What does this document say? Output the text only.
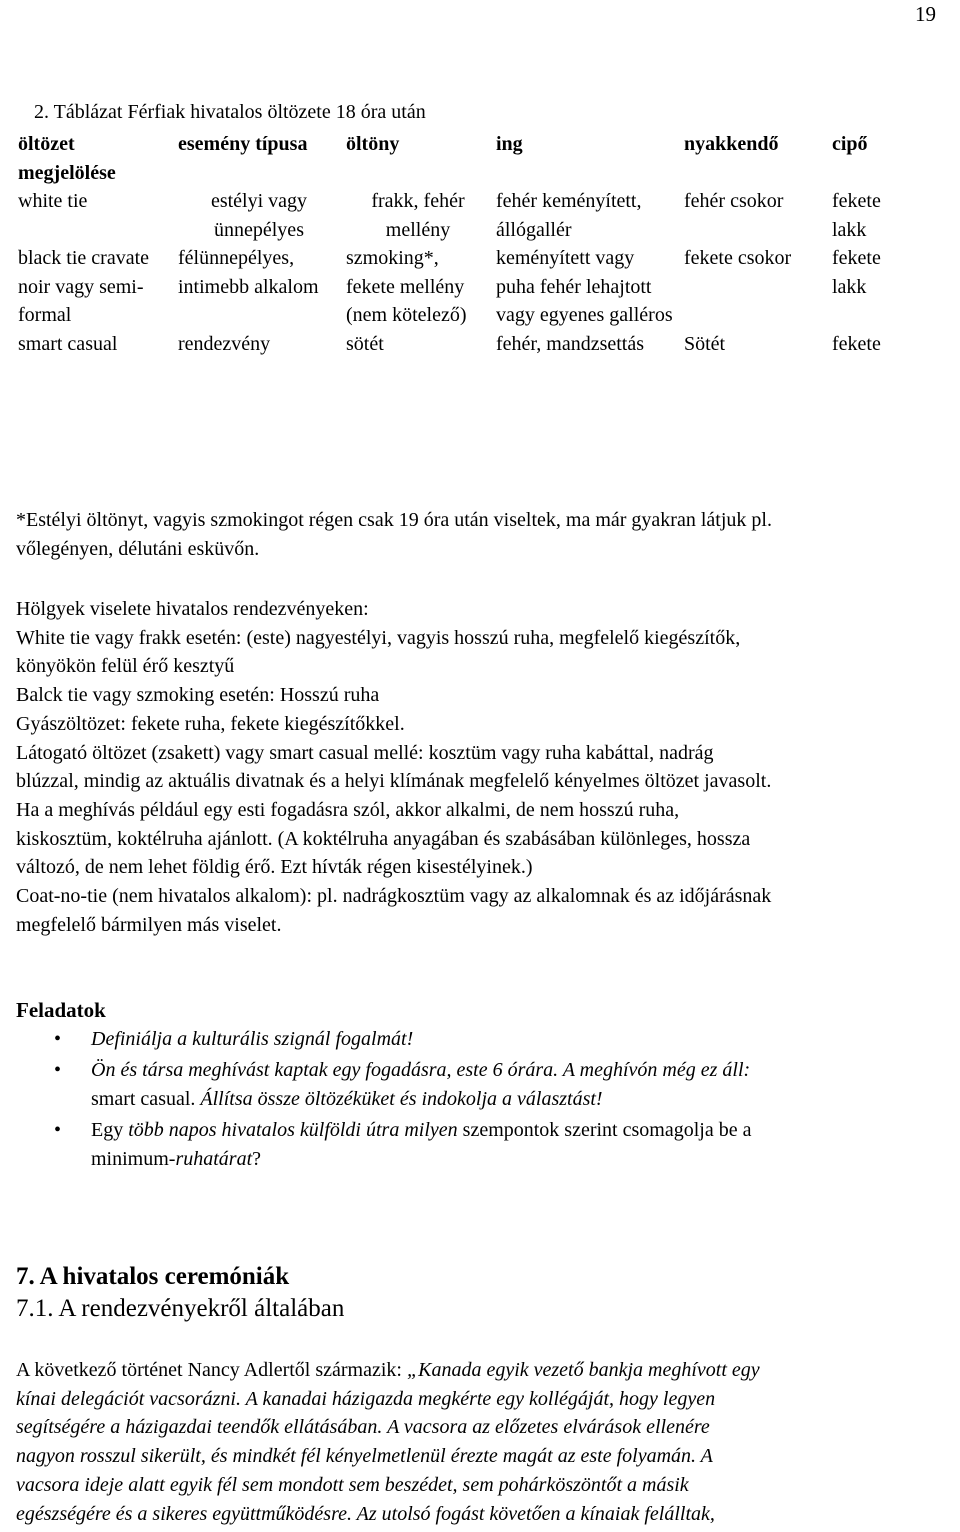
19
2. Táblázat Férfiak hivatalos öltözete 18 óra után
öltözet megjelölése	esemény típusa	öltöny	ing	nyakkendő	cipő
white tie	estélyi vagy ünnepélyes	frakk, fehér mellény	fehér keményített, állógallér	fehér csokor	fekete lakk
black tie cravate noir vagy semi-formal	félünnepélyes, intimebb alkalom	szmoking*, fekete mellény (nem kötelező)	keményített vagy puha fehér lehajtott vagy egyenes galléros	fekete csokor	fekete lakk
smart casual	rendezvény	sötét	fehér, mandzsettás	Sötét	fekete
*Estélyi öltönyt, vagyis szmokingot régen csak 19 óra után viseltek, ma már gyakran látjuk pl.
vőlegényen, délutáni esküvőn.
Hölgyek viselete hivatalos rendezvényeken:
White tie vagy frakk esetén: (este) nagyestélyi, vagyis hosszú ruha, megfelelő kiegészítők,
könyökön felül érő kesztyű
Balck tie vagy szmoking esetén: Hosszú ruha
Gyászöltözet: fekete ruha, fekete kiegészítőkkel.
Látogató öltözet (zsakett) vagy smart casual mellé: kosztüm vagy ruha kabáttal, nadrág
blúzzal, mindig az aktuális divatnak és a helyi klímának megfelelő kényelmes öltözet javasolt.
Ha a meghívás például egy esti fogadásra szól, akkor alkalmi, de nem hosszú ruha,
kiskosztüm, koktélruha ajánlott. (A koktélruha anyagában és szabásában különleges, hossza
változó, de nem lehet földig érő. Ezt hívták régen kisestélyinek.)
Coat-no-tie (nem hivatalos alkalom): pl. nadrágkosztüm vagy az alkalomnak és az időjárásnak
megfelelő bármilyen más viselet.
Feladatok
• Definiálja a kulturális szignál fogalmát!
• Ön és társa meghívást kaptak egy fogadásra, este 6 órára. A meghívón még ez áll:
smart casual. Állítsa össze öltözéküket és indokolja a választást!
• Egy több napos hivatalos külföldi útra milyen szempontok szerint csomagolja be a
minimum-ruhatárat?
7. A hivatalos ceremóniák
7.1. A rendezvényekről általában
A következő történet Nancy Adlertől származik: „Kanada egyik vezető bankja meghívott egy
kínai delegációt vacsorázni. A kanadai házigazda megkérte egy kollégáját, hogy legyen
segítségére a házigazdai teendők ellátásában. A vacsora az előzetes elvárások ellenére
nagyon rosszul sikerült, és mindkét fél kényelmetlenül érezte magát az este folyamán. A
vacsora ideje alatt egyik fél sem mondott sem beszédet, sem pohárköszöntőt a másik
egészségére és a sikeres együttműködésre. Az utolsó fogást követően a kínaiak felálltak,
